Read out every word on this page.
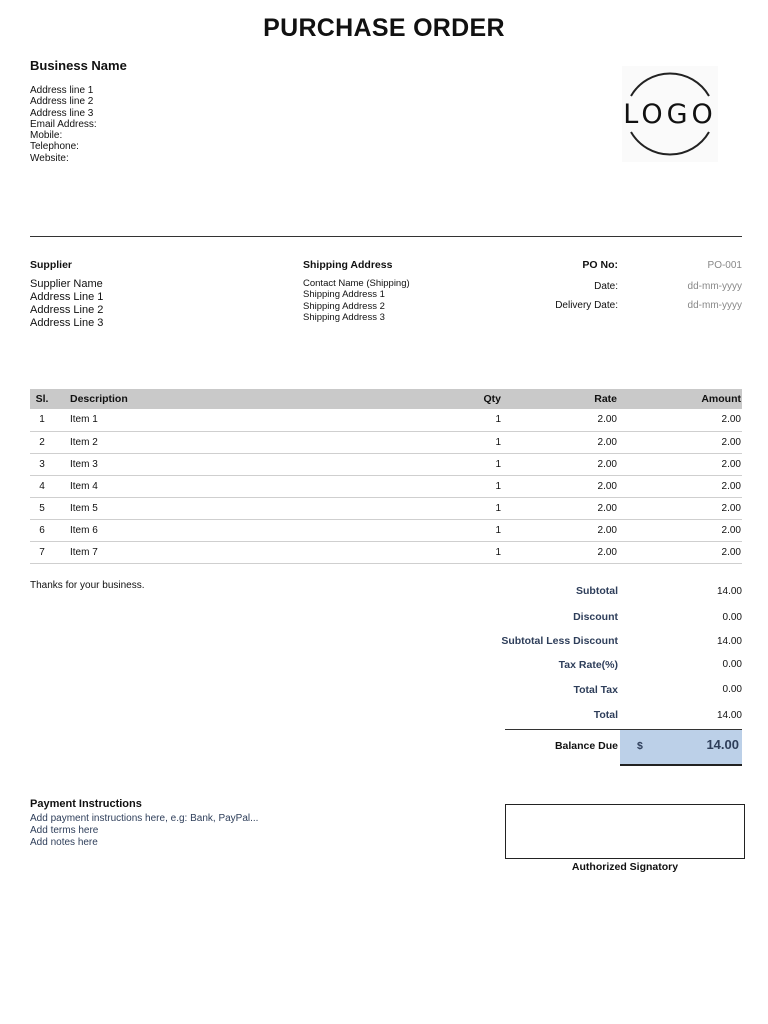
PURCHASE ORDER
Business Name
Address line 1
Address line 2
Address line 3
Email Address:
Mobile:
Telephone:
Website:
LOGO
Supplier
Supplier Name
Address Line 1
Address Line 2
Address Line 3
Shipping Address
Contact Name (Shipping)
Shipping Address 1
Shipping Address 2
Shipping Address 3
PO No:	PO-001
Date:	dd-mm-yyyy
Delivery Date:	dd-mm-yyyy
Sl.	Description	Qty	Rate	Amount
1	Item 1	1	2.00	2.00
2	Item 2	1	2.00	2.00
3	Item 3	1	2.00	2.00
4	Item 4	1	2.00	2.00
5	Item 5	1	2.00	2.00
6	Item 6	1	2.00	2.00
7	Item 7	1	2.00	2.00
Thanks for your business.	Subtotal	14.00
Discount	0.00
Subtotal Less Discount	14.00
Tax Rate(%)	0.00
Total Tax	0.00
Total	14.00
Balance Due $	14.00
Payment Instructions
Add payment instructions here, e.g: Bank, PayPal...
Add terms here
Add notes here
Authorized Signatory
